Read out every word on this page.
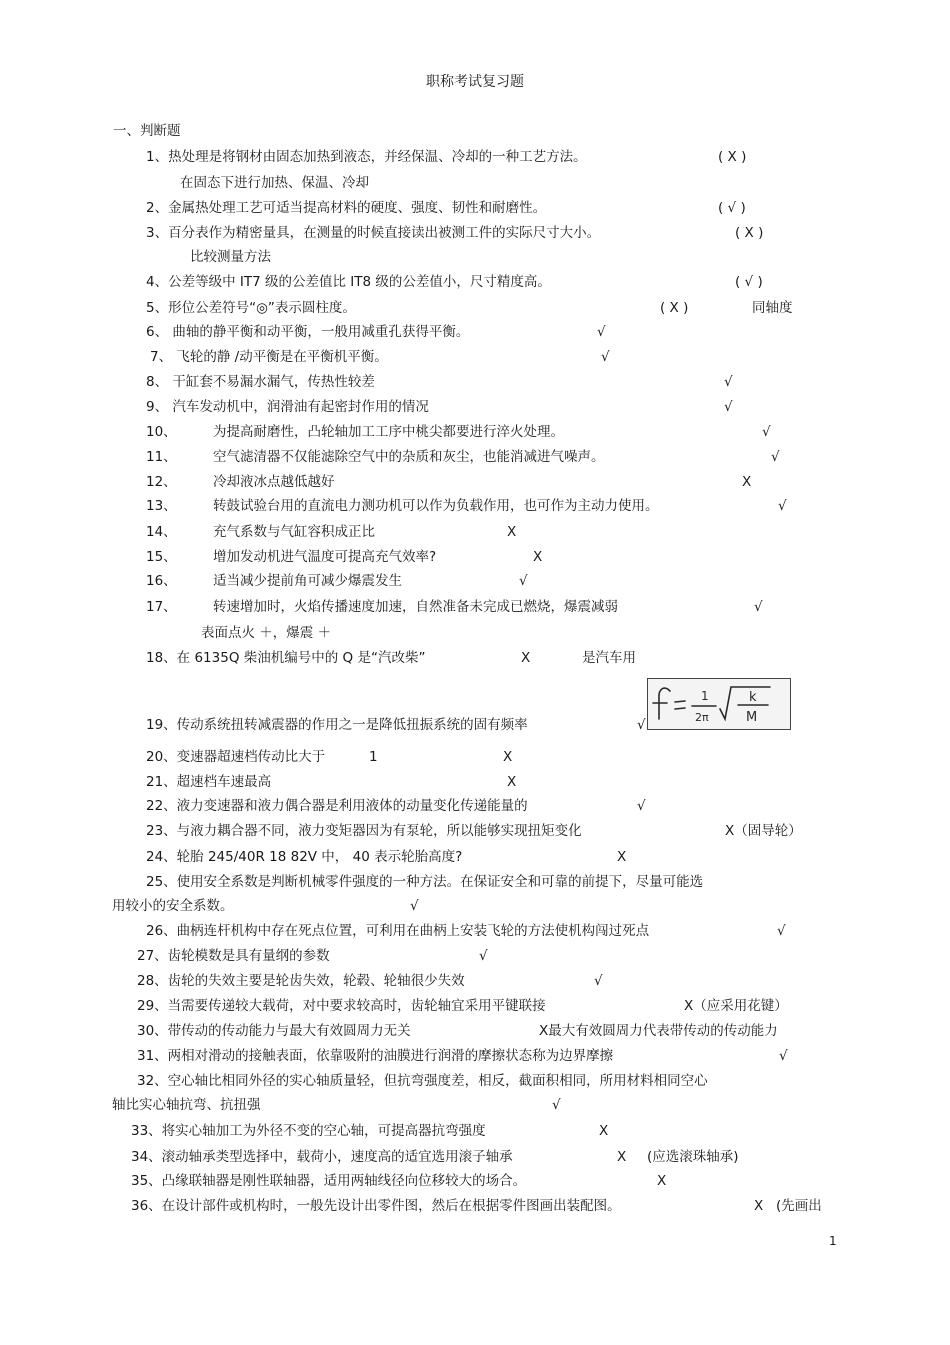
职称考试复习题
一、判断题
1、热处理是将钢材由固态加热到液态，并经保温、冷却的一种工艺方法。	( X )
在固态下进行加热、保温、冷却
2、金属热处理工艺可适当提高材料的硬度、强度、韧性和耐磨性。	( √ )
3、百分表作为精密量具，在测量的时候直接读出被测工件的实际尺寸大小。	( X )
比较测量方法
4、公差等级中 IT7 级的公差值比 IT8 级的公差值小，尺寸精度高。	( √ )
5、形位公差符号“◎”表示圆柱度。	( X )	同轴度
6、 曲轴的静平衡和动平衡，一般用减重孔获得平衡。	√
7、 飞轮的静 /动平衡是在平衡机平衡。	√
8、 干缸套不易漏水漏气，传热性较差	√
9、 汽车发动机中，润滑油有起密封作用的情况	√
10、	为提高耐磨性，凸轮轴加工工序中桃尖都要进行淬火处理。	√
11、	空气滤清器不仅能滤除空气中的杂质和灰尘，也能消减进气噪声。	√
12、	冷却液冰点越低越好	X
13、	转鼓试验台用的直流电力测功机可以作为负载作用，也可作为主动力使用。	√
14、	充气系数与气缸容积成正比	X
15、	增加发动机进气温度可提高充气效率?	X
16、	适当减少提前角可减少爆震发生	√
17、	转速增加时，火焰传播速度加速，自然准备未完成已燃烧，爆震减弱	√
表面点火 ＋，爆震 ＋
18、在 6135Q 柴油机编号中的 Q 是“汽改柴”	X	是汽车用
1
2π
k
M
19、传动系统扭转减震器的作用之一是降低扭振系统的固有频率	√
20、变速器超速档传动比大于	1	X
21、超速档车速最高	X
22、液力变速器和液力偶合器是利用液体的动量变化传递能量的	√
23、与液力耦合器不同，液力变矩器因为有泵轮，所以能够实现扭矩变化	X（固导轮）
24、轮胎 245/40R 18 82V 中， 40 表示轮胎高度?	X
25、使用安全系数是判断机械零件强度的一种方法。在保证安全和可靠的前提下，尽量可能选
用较小的安全系数。	√
26、曲柄连杆机构中存在死点位置，可利用在曲柄上安装飞轮的方法使机构闯过死点	√
27、齿轮模数是具有量纲的参数	√
28、齿轮的失效主要是轮齿失效，轮毂、轮轴很少失效	√
29、当需要传递较大载荷，对中要求较高时，齿轮轴宜采用平键联接	X（应采用花键）
30、带传动的传动能力与最大有效圆周力无关	X最大有效圆周力代表带传动的传动能力
31、两相对滑动的接触表面，依靠吸附的油膜进行润滑的摩擦状态称为边界摩擦	√
32、空心轴比相同外径的实心轴质量轻，但抗弯强度差，相反，截面积相同，所用材料相同空心
轴比实心轴抗弯、抗扭强	√
33、将实心轴加工为外径不变的空心轴，可提高器抗弯强度	X
34、滚动轴承类型选择中，载荷小，速度高的适宜选用滚子轴承	X (应选滚珠轴承)
35、凸缘联轴器是刚性联轴器，适用两轴线径向位移较大的场合。	X
36、在设计部件或机构时，一般先设计出零件图，然后在根据零件图画出装配图。	X (先画出
1
